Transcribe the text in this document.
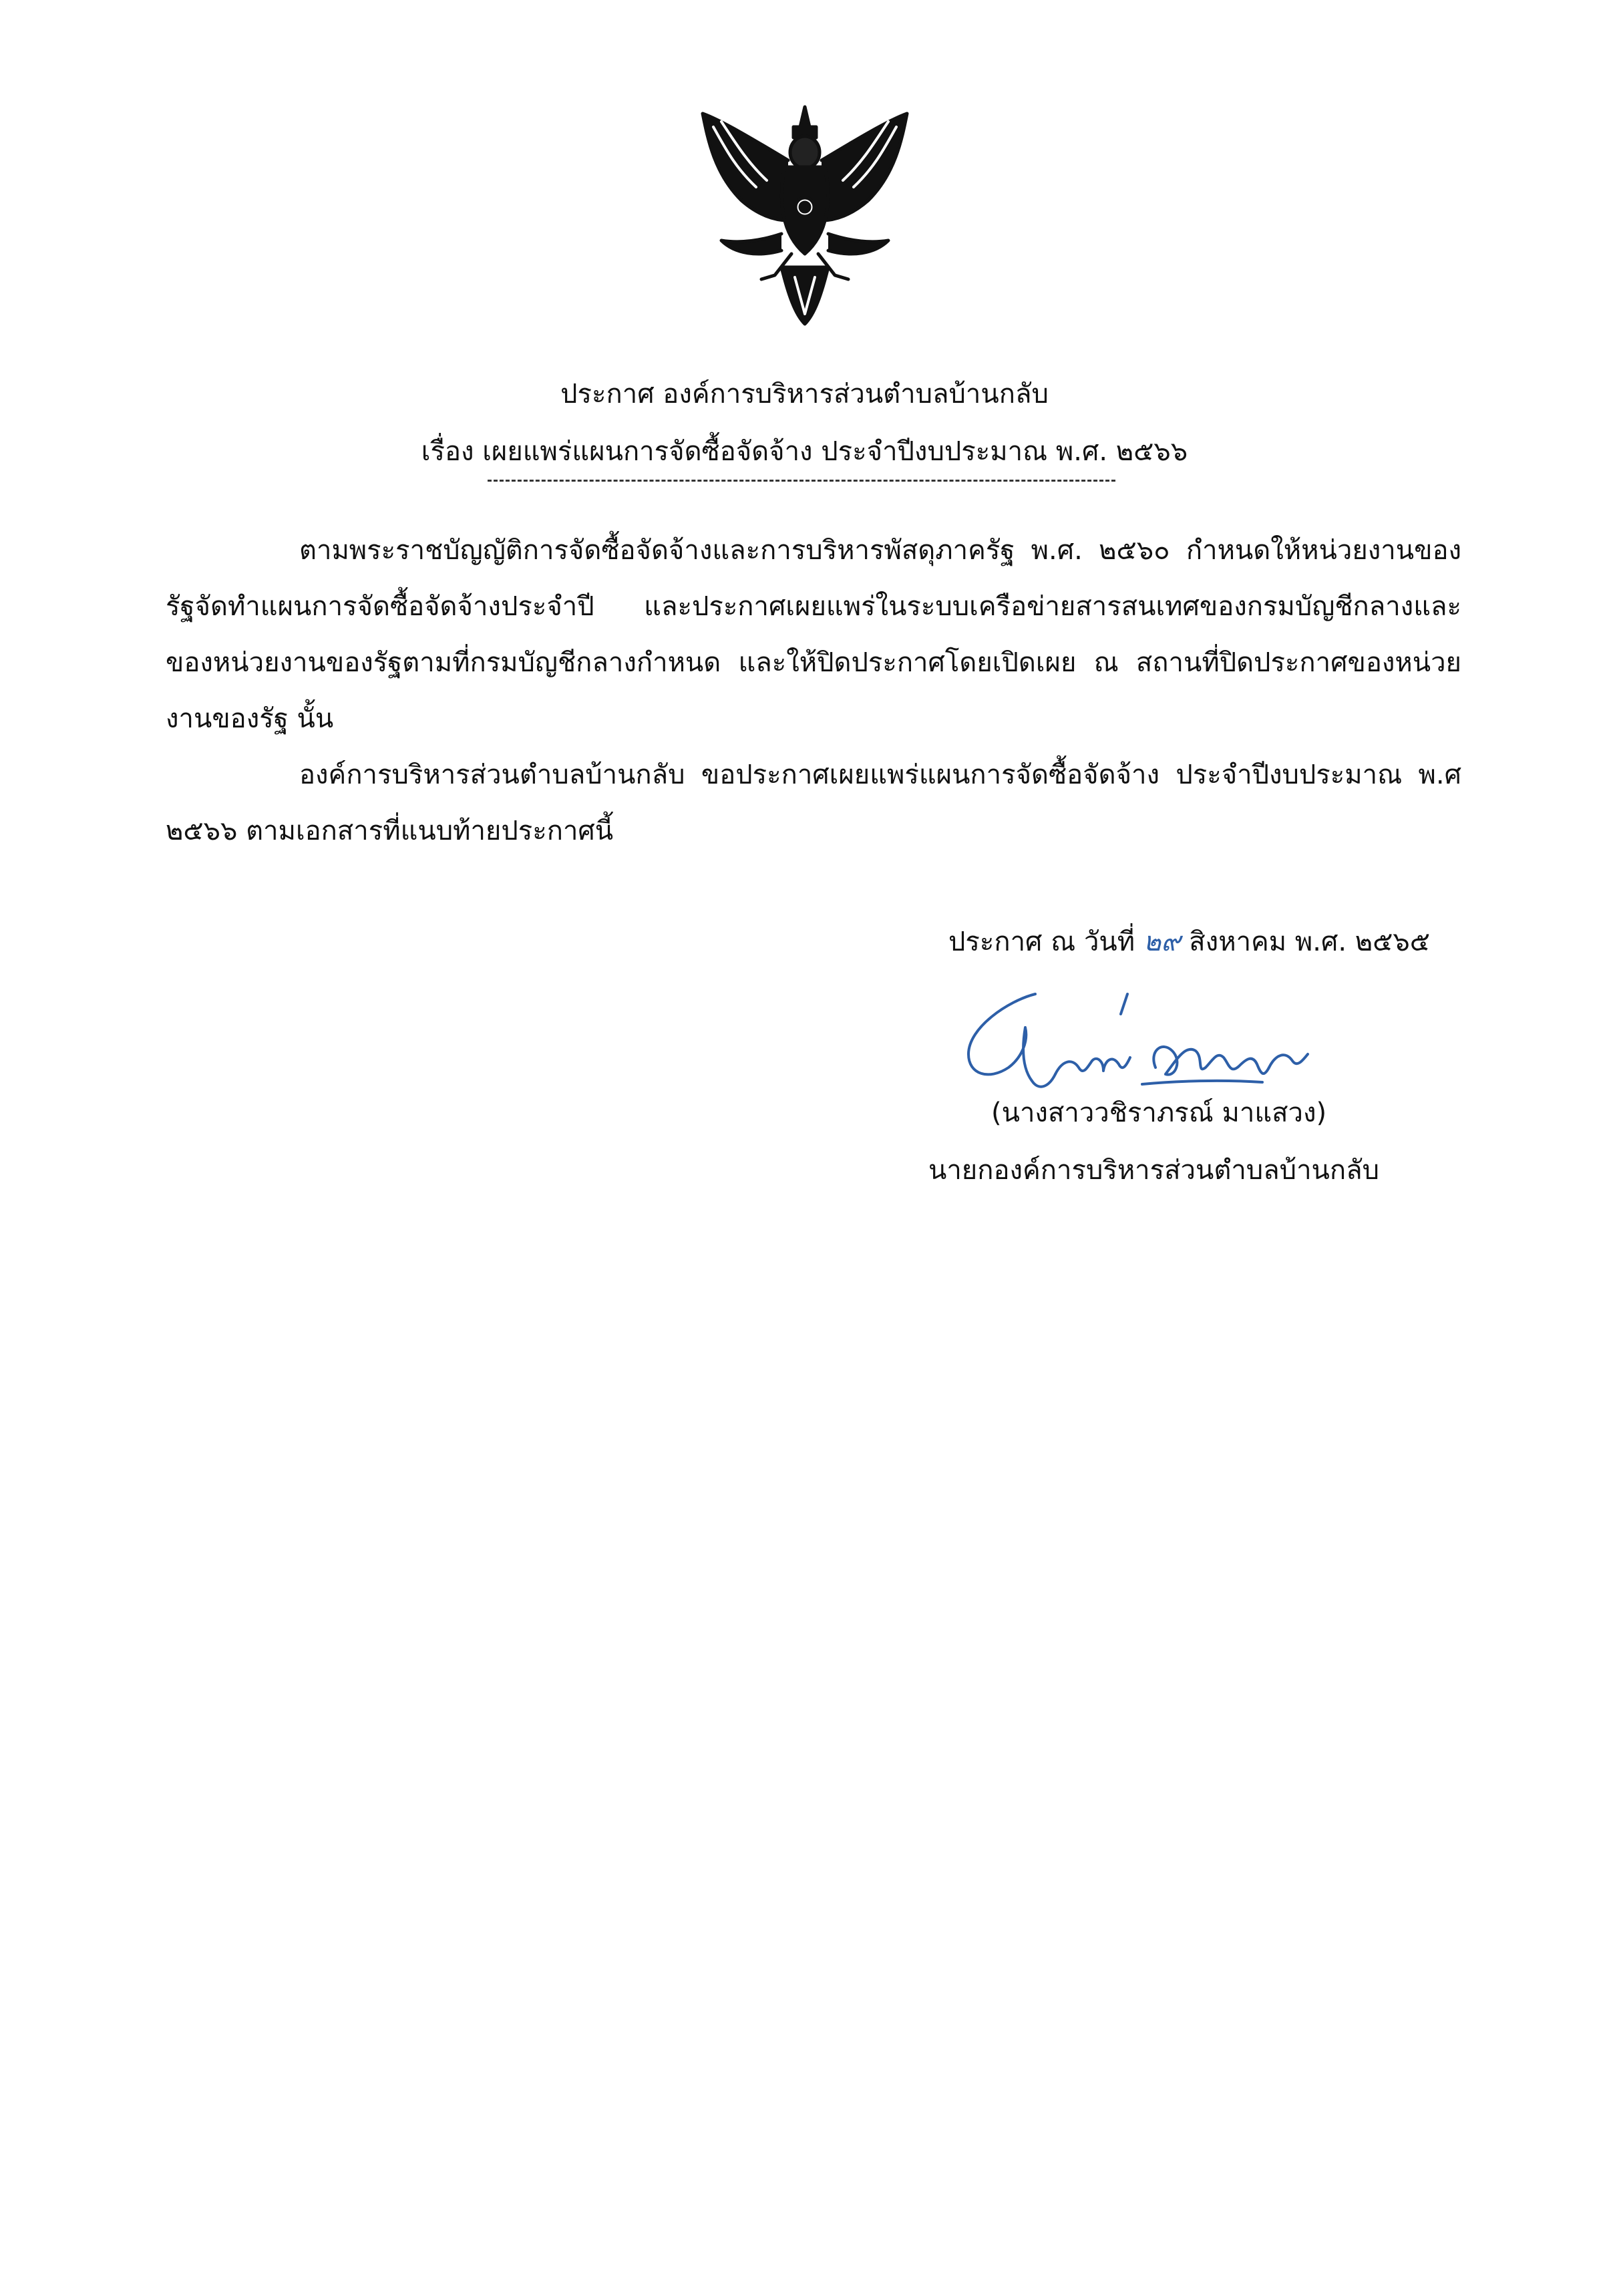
ประกาศ องค์การบริหารส่วนตำบลบ้านกลับ
เรื่อง เผยแพร่แผนการจัดซื้อจัดจ้าง ประจำปีงบประมาณ พ.ศ. ๒๕๖๖
ตามพระราชบัญญัติการจัดซื้อจัดจ้างและการบริหารพัสดุภาครัฐ พ.ศ. ๒๕๖๐ กำหนดให้หน่วยงานของรัฐจัดทำแผนการจัดซื้อจัดจ้างประจำปี และประกาศเผยแพร่ในระบบเครือข่ายสารสนเทศของกรมบัญชีกลางและของหน่วยงานของรัฐตามที่กรมบัญชีกลางกำหนด และให้ปิดประกาศโดยเปิดเผย ณ สถานที่ปิดประกาศของหน่วยงานของรัฐ นั้น
องค์การบริหารส่วนตำบลบ้านกลับ ขอประกาศเผยแพร่แผนการจัดซื้อจัดจ้าง ประจำปีงบประมาณ พ.ศ ๒๕๖๖ ตามเอกสารที่แนบท้ายประกาศนี้
ประกาศ ณ วันที่ ๒๙ สิงหาคม พ.ศ. ๒๕๖๕
(นางสาววชิราภรณ์ มาแสวง)
นายกองค์การบริหารส่วนตำบลบ้านกลับ
